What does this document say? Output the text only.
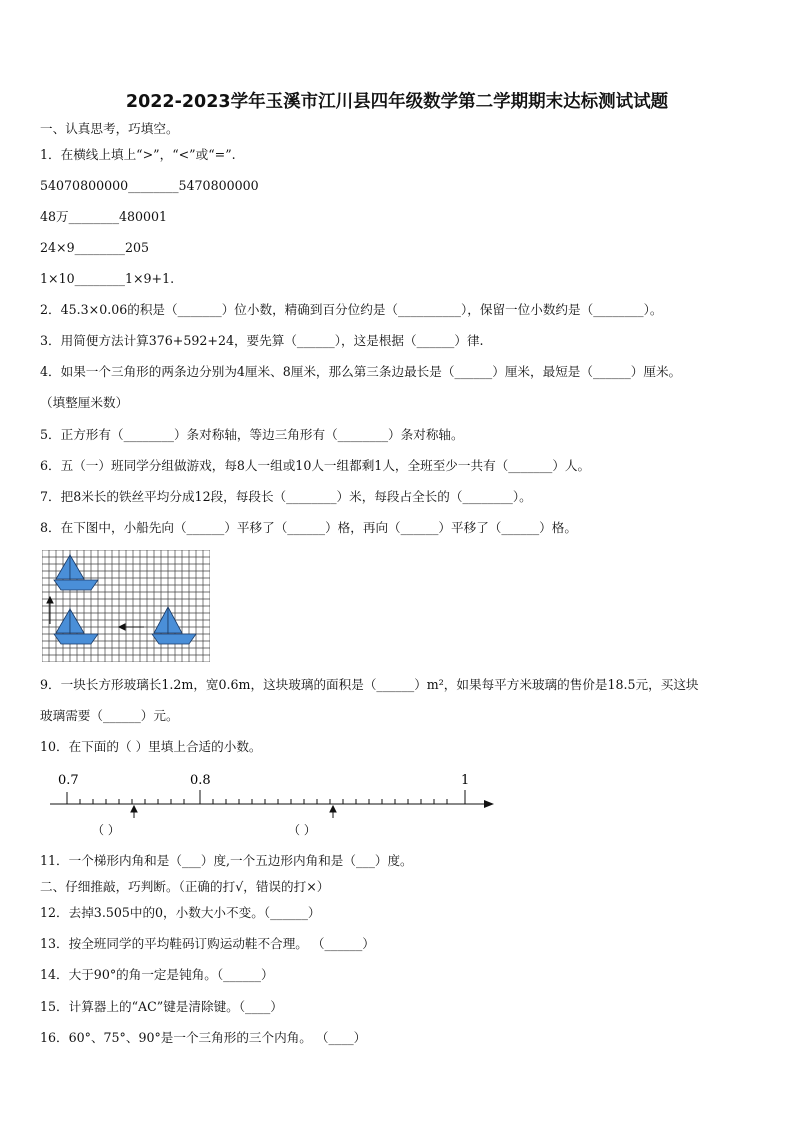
2022-2023学年玉溪市江川县四年级数学第二学期期末达标测试试题
一、认真思考，巧填空。
1．在横线上填上“>”，“<”或“=”.
54070800000________5470800000
48万________480001
24×9________205
1×10________1×9+1.
2．45.3×0.06的积是（_______）位小数，精确到百分位约是（__________），保留一位小数约是（________）。
3．用简便方法计算376+592+24，要先算（______），这是根据（______）律.
4．如果一个三角形的两条边分别为4厘米、8厘米，那么第三条边最长是（______）厘米，最短是（______）厘米。
（填整厘米数）
5．正方形有（________）条对称轴，等边三角形有（________）条对称轴。
6．五（一）班同学分组做游戏，每8人一组或10人一组都剩1人，全班至少一共有（_______）人。
7．把8米长的铁丝平均分成12段，每段长（________）米，每段占全长的（________）。
8．在下图中，小船先向（______）平移了（______）格，再向（______）平移了（______）格。
9．一块长方形玻璃长1.2m，宽0.6m，这块玻璃的面积是（______）m²，如果每平方米玻璃的售价是18.5元，买这块
玻璃需要（______）元。
10．在下面的（ ）里填上合适的小数。
0.7	0.8	1
（ ）	（ ）
11．一个梯形内角和是（___）度,一个五边形内角和是（___）度。
二、仔细推敲，巧判断。（正确的打√，错误的打×）
12．去掉3.505中的0，小数大小不变。（______）
13．按全班同学的平均鞋码订购运动鞋不合理。 （______）
14．大于90°的角一定是钝角。（______）
15．计算器上的“AC”键是清除键。（____）
16．60°、75°、90°是一个三角形的三个内角。 （____）
